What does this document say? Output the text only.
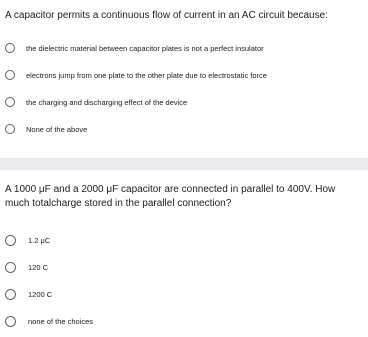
A capacitor permits a continuous flow of current in an AC circuit because:
the dielectric material between capacitor plates is not a perfect insulator
electrons jump from one plate to the other plate due to electrostatic force
the charging and discharging effect of the device
None of the above
A 1000 μF and a 2000 μF capacitor are connected in parallel to 400V. How much totalcharge stored in the parallel connection?
1.2 μC
120 C
1200 C
none of the choices
